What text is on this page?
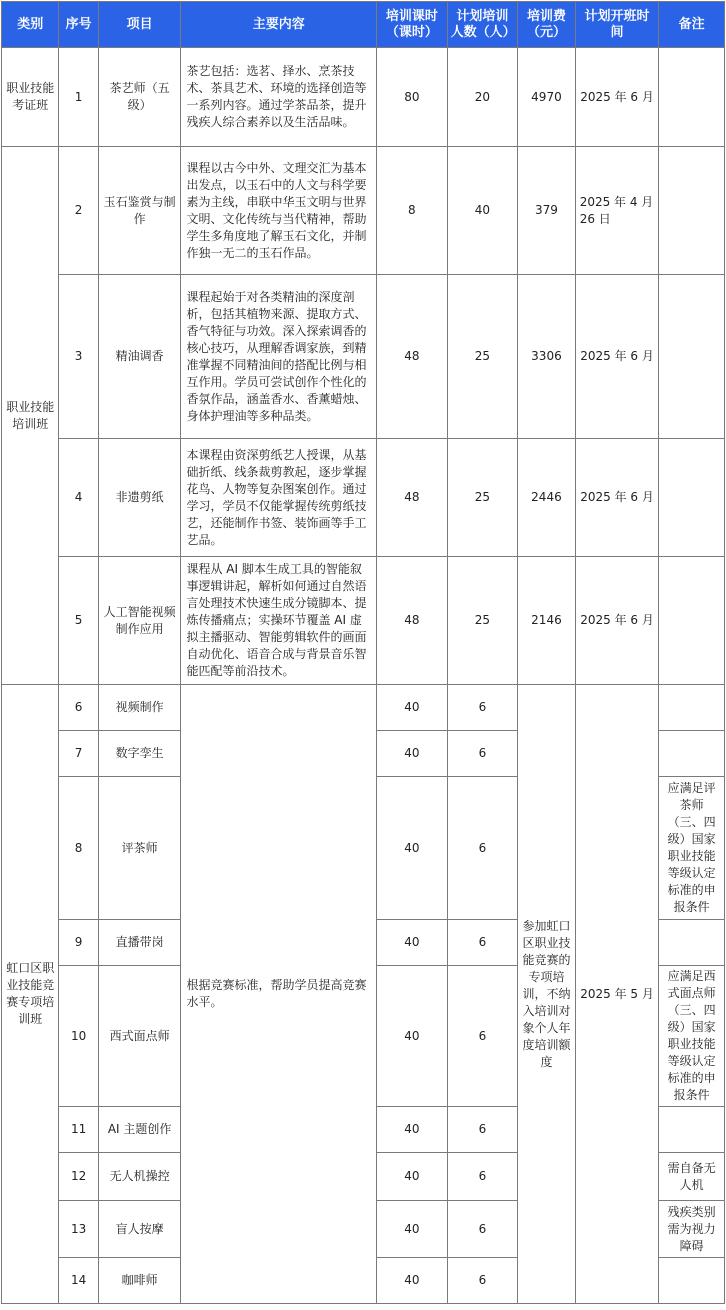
类别	序号	项目	主要内容	培训课时（课时）	计划培训人数（人）	培训费（元）	计划开班时间	备注
职业技能考证班	1	茶艺师（五级）	茶艺包括：选茗、择水、烹茶技术、茶具艺术、环境的选择创造等一系列内容。通过学茶品茶，提升残疾人综合素养以及生活品味。	80	20	4970	2025 年 6 月	
职业技能培训班	2	玉石鉴赏与制作	课程以古今中外、文理交汇为基本出发点，以玉石中的人文与科学要素为主线，串联中华玉文明与世界文明、文化传统与当代精神，帮助学生多角度地了解玉石文化，并制作独一无二的玉石作品。	8	40	379	2025 年 4 月 26 日	
	3	精油调香	课程起始于对各类精油的深度剖析，包括其植物来源、提取方式、香气特征与功效。深入探索调香的核心技巧，从理解香调家族，到精准掌握不同精油间的搭配比例与相互作用。学员可尝试创作个性化的香氛作品，涵盖香水、香薰蜡烛、身体护理油等多种品类。	48	25	3306	2025 年 6 月	
	4	非遗剪纸	本课程由资深剪纸艺人授课，从基础折纸、线条裁剪教起，逐步掌握花鸟、人物等复杂图案创作。通过学习，学员不仅能掌握传统剪纸技艺，还能制作书签、装饰画等手工艺品。	48	25	2446	2025 年 6 月	
	5	人工智能视频制作应用	课程从 AI 脚本生成工具的智能叙事逻辑讲起，解析如何通过自然语言处理技术快速生成分镜脚本、提炼传播痛点；实操环节覆盖 AI 虚拟主播驱动、智能剪辑软件的画面自动优化、语音合成与背景音乐智能匹配等前沿技术。	48	25	2146	2025 年 6 月	
虹口区职业技能竞赛专项培训班	6	视频制作	根据竞赛标准，帮助学员提高竞赛水平。	40	6	参加虹口区职业技能竞赛的专项培训，不纳入培训对象个人年度培训额度	2025 年 5 月	
	7	数字孪生		40	6			
	8	评茶师		40	6			应满足评茶师（三、四级）国家职业技能等级认定标准的申报条件
	9	直播带岗		40	6			
	10	西式面点师		40	6			应满足西式面点师（三、四级）国家职业技能等级认定标准的申报条件
	11	AI 主题创作		40	6			
	12	无人机操控		40	6			需自备无人机
	13	盲人按摩		40	6			残疾类别需为视力障碍
	14	咖啡师		40	6			
